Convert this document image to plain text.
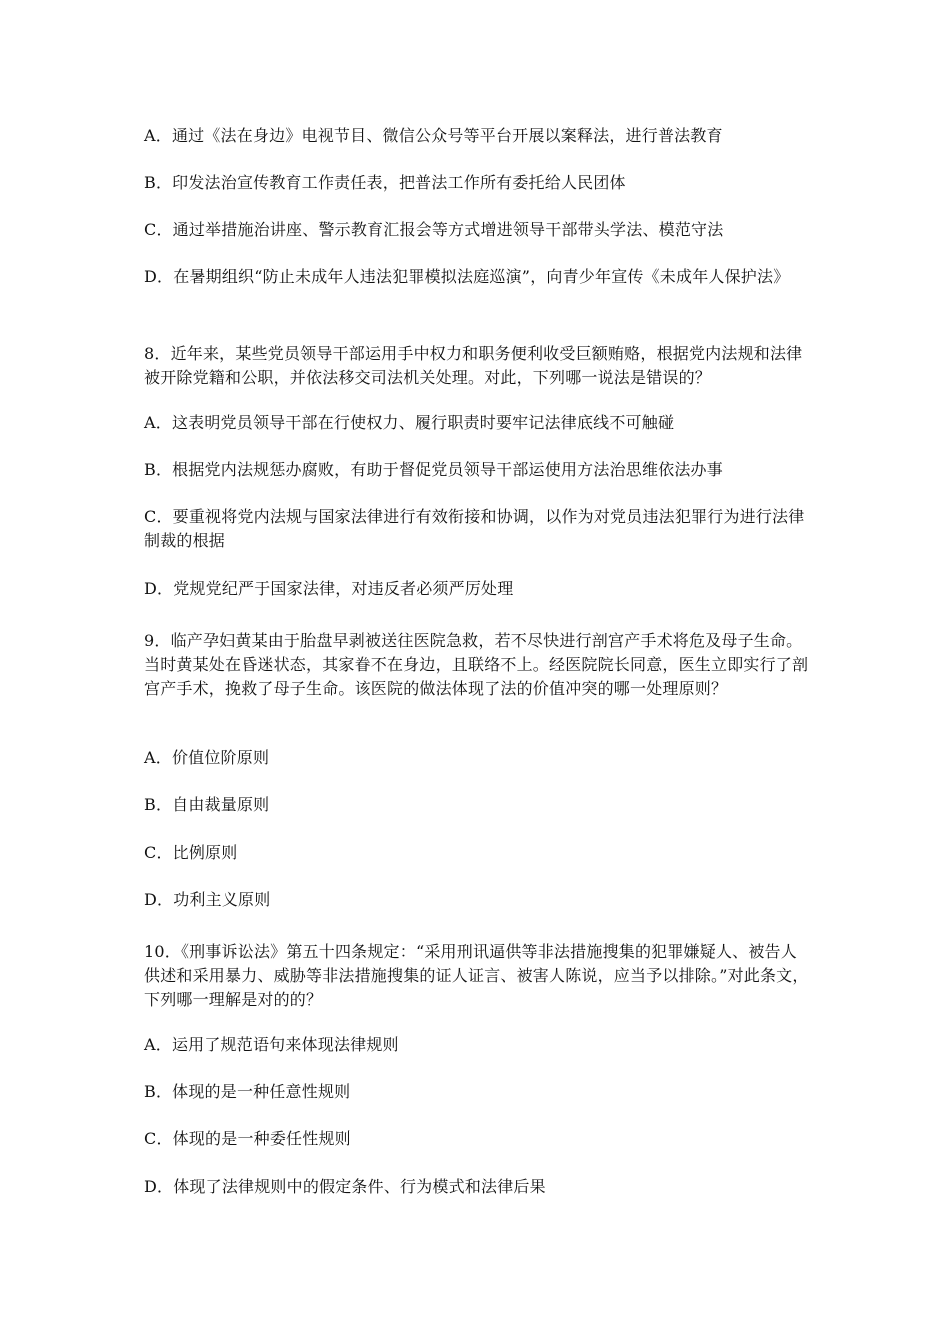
A．通过《法在身边》电视节目、微信公众号等平台开展以案释法，进行普法教育

B．印发法治宣传教育工作责任表，把普法工作所有委托给人民团体

C．通过举措施治讲座、警示教育汇报会等方式增进领导干部带头学法、模范守法

D．在暑期组织“防止未成年人违法犯罪模拟法庭巡演”，向青少年宣传《未成年人保护法》

8．近年来，某些党员领导干部运用手中权力和职务便利收受巨额贿赂，根据党内法规和法律被开除党籍和公职，并依法移交司法机关处理。对此，下列哪一说法是错误的？

A．这表明党员领导干部在行使权力、履行职责时要牢记法律底线不可触碰

B．根据党内法规惩办腐败，有助于督促党员领导干部运使用方法治思维依法办事

C．要重视将党内法规与国家法律进行有效衔接和协调，以作为对党员违法犯罪行为进行法律制裁的根据

D．党规党纪严于国家法律，对违反者必须严厉处理

9．临产孕妇黄某由于胎盘早剥被送往医院急救，若不尽快进行剖宫产手术将危及母子生命。当时黄某处在昏迷状态，其家眷不在身边，且联络不上。经医院院长同意，医生立即实行了剖宫产手术，挽救了母子生命。该医院的做法体现了法的价值冲突的哪一处理原则？

A．价值位阶原则

B．自由裁量原则

C．比例原则

D．功利主义原则

10．《刑事诉讼法》第五十四条规定：“采用刑讯逼供等非法措施搜集的犯罪嫌疑人、被告人供述和采用暴力、威胁等非法措施搜集的证人证言、被害人陈说，应当予以排除。”对此条文，下列哪一理解是对的的？

A．运用了规范语句来体现法律规则

B．体现的是一种任意性规则

C．体现的是一种委任性规则

D．体现了法律规则中的假定条件、行为模式和法律后果
